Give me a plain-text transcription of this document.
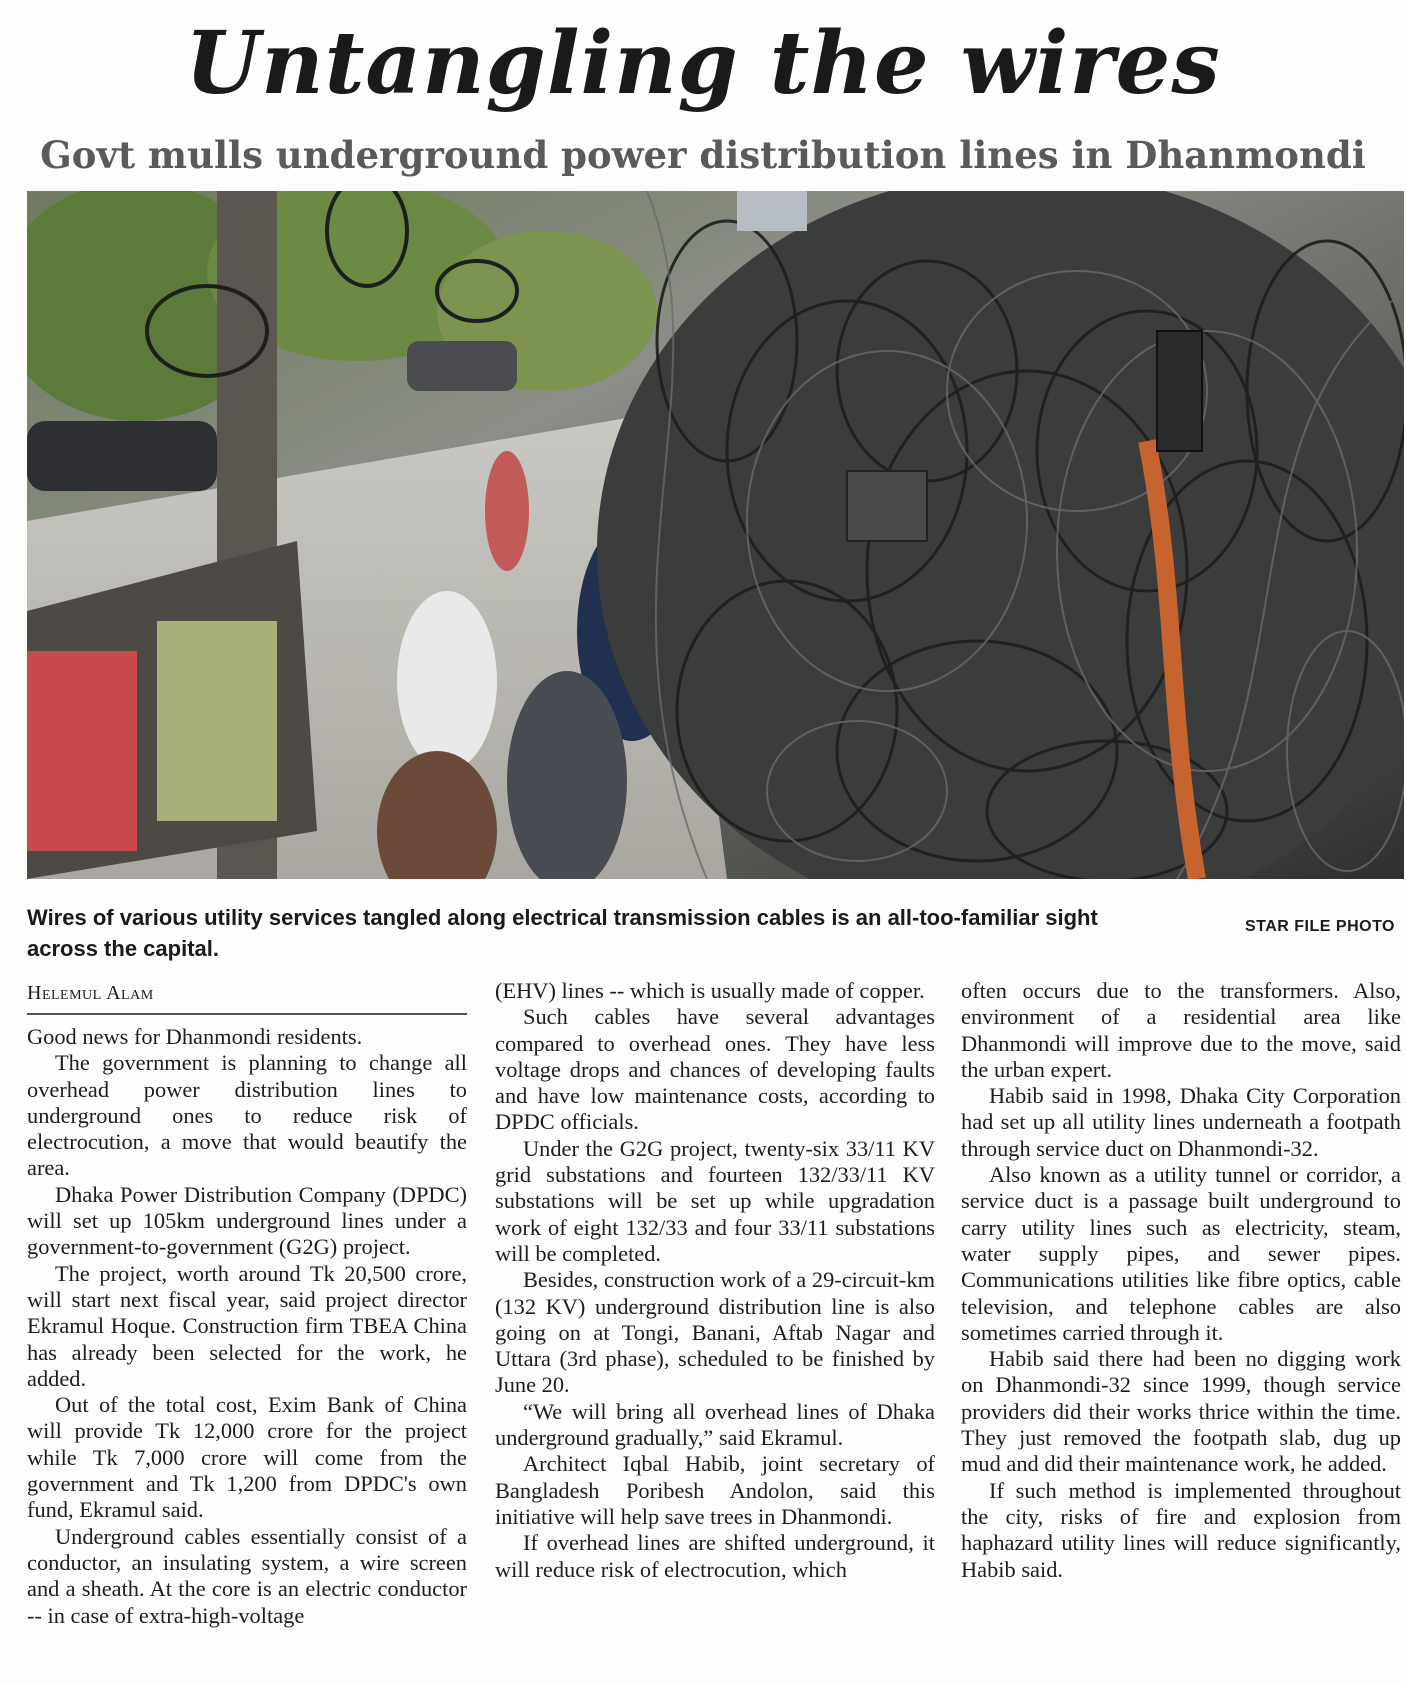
Untangling the wires
Govt mulls underground power distribution lines in Dhanmondi
Wires of various utility services tangled along electrical transmission cables is an all-too-familiar sight across the capital.
STAR FILE PHOTO
Helemul Alam

Good news for Dhanmondi residents.

The government is planning to change all overhead power distribution lines to underground ones to reduce risk of electrocution, a move that would beautify the area.

Dhaka Power Distribution Company (DPDC) will set up 105km underground lines under a government-to-government (G2G) project.

The project, worth around Tk 20,500 crore, will start next fiscal year, said project director Ekramul Hoque. Construction firm TBEA China has already been selected for the work, he added.

Out of the total cost, Exim Bank of China will provide Tk 12,000 crore for the project while Tk 7,000 crore will come from the government and Tk 1,200 from DPDC's own fund, Ekramul said.

Underground cables essentially consist of a conductor, an insulating system, a wire screen and a sheath. At the core is an electric conductor -- in case of extra-high-voltage

(EHV) lines -- which is usually made of copper.

Such cables have several advantages compared to overhead ones. They have less voltage drops and chances of developing faults and have low maintenance costs, according to DPDC officials.

Under the G2G project, twenty-six 33/11 KV grid substations and fourteen 132/33/11 KV substations will be set up while upgradation work of eight 132/33 and four 33/11 substations will be completed.

Besides, construction work of a 29-circuit-km (132 KV) underground distribution line is also going on at Tongi, Banani, Aftab Nagar and Uttara (3rd phase), scheduled to be finished by June 20.

“We will bring all overhead lines of Dhaka underground gradually,” said Ekramul.

Architect Iqbal Habib, joint secretary of Bangladesh Poribesh Andolon, said this initiative will help save trees in Dhanmondi.

If overhead lines are shifted underground, it will reduce risk of electrocution, which

often occurs due to the transformers. Also, environment of a residential area like Dhanmondi will improve due to the move, said the urban expert.

Habib said in 1998, Dhaka City Corporation had set up all utility lines underneath a footpath through service duct on Dhanmondi-32.

Also known as a utility tunnel or corridor, a service duct is a passage built underground to carry utility lines such as electricity, steam, water supply pipes, and sewer pipes. Communications utilities like fibre optics, cable television, and telephone cables are also sometimes carried through it.

Habib said there had been no digging work on Dhanmondi-32 since 1999, though service providers did their works thrice within the time. They just removed the footpath slab, dug up mud and did their maintenance work, he added.

If such method is implemented throughout the city, risks of fire and explosion from haphazard utility lines will reduce significantly, Habib said.
